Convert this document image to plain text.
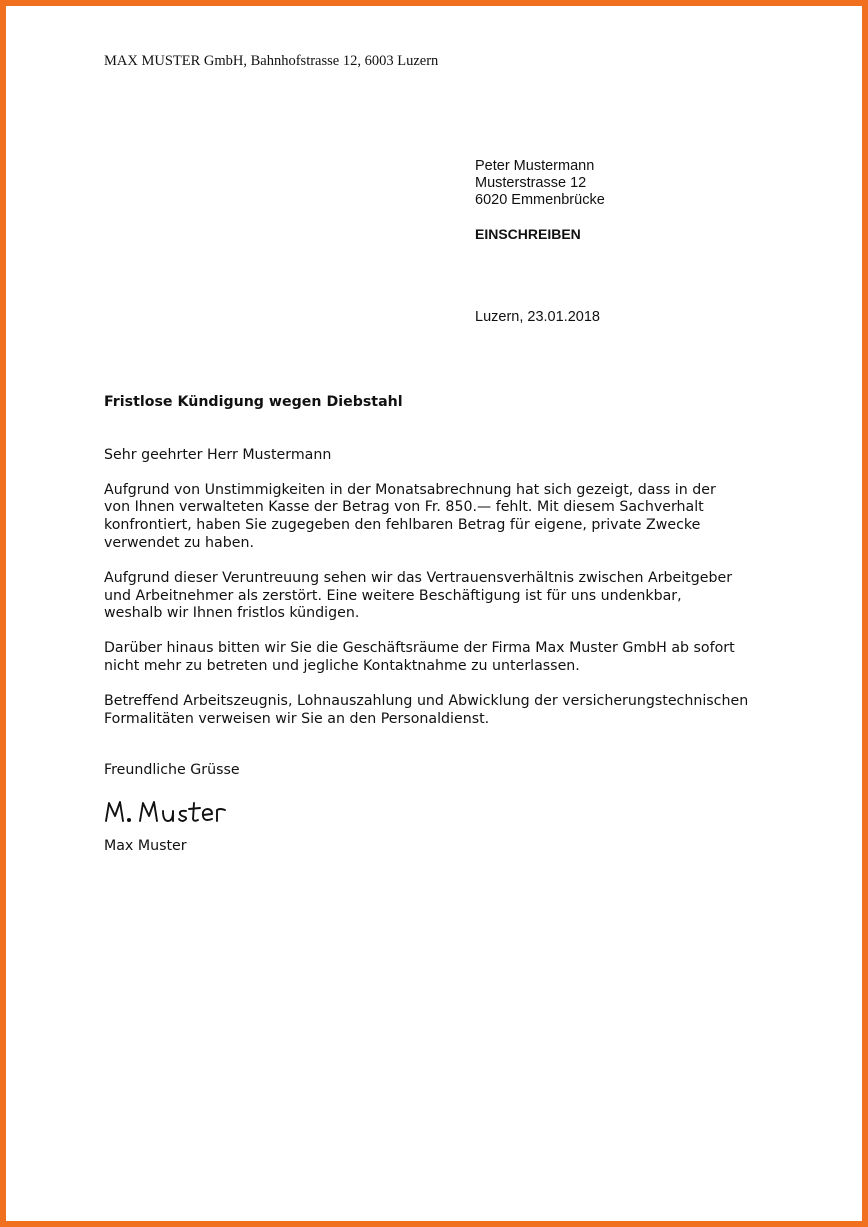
MAX MUSTER GmbH, Bahnhofstrasse 12, 6003 Luzern
Peter Mustermann
Musterstrasse 12
6020 Emmenbrücke
EINSCHREIBEN
Luzern, 23.01.2018
Fristlose Kündigung wegen Diebstahl
Sehr geehrter Herr Mustermann
Aufgrund von Unstimmigkeiten in der Monatsabrechnung hat sich gezeigt, dass in der
von Ihnen verwalteten Kasse der Betrag von Fr. 850.— fehlt. Mit diesem Sachverhalt
konfrontiert, haben Sie zugegeben den fehlbaren Betrag für eigene, private Zwecke
verwendet zu haben.
Aufgrund dieser Veruntreuung sehen wir das Vertrauensverhältnis zwischen Arbeitgeber
und Arbeitnehmer als zerstört. Eine weitere Beschäftigung ist für uns undenkbar,
weshalb wir Ihnen fristlos kündigen.
Darüber hinaus bitten wir Sie die Geschäftsräume der Firma Max Muster GmbH ab sofort
nicht mehr zu betreten und jegliche Kontaktnahme zu unterlassen.
Betreffend Arbeitszeugnis, Lohnauszahlung und Abwicklung der versicherungstechnischen
Formalitäten verweisen wir Sie an den Personaldienst.
Freundliche Grüsse
Max Muster
